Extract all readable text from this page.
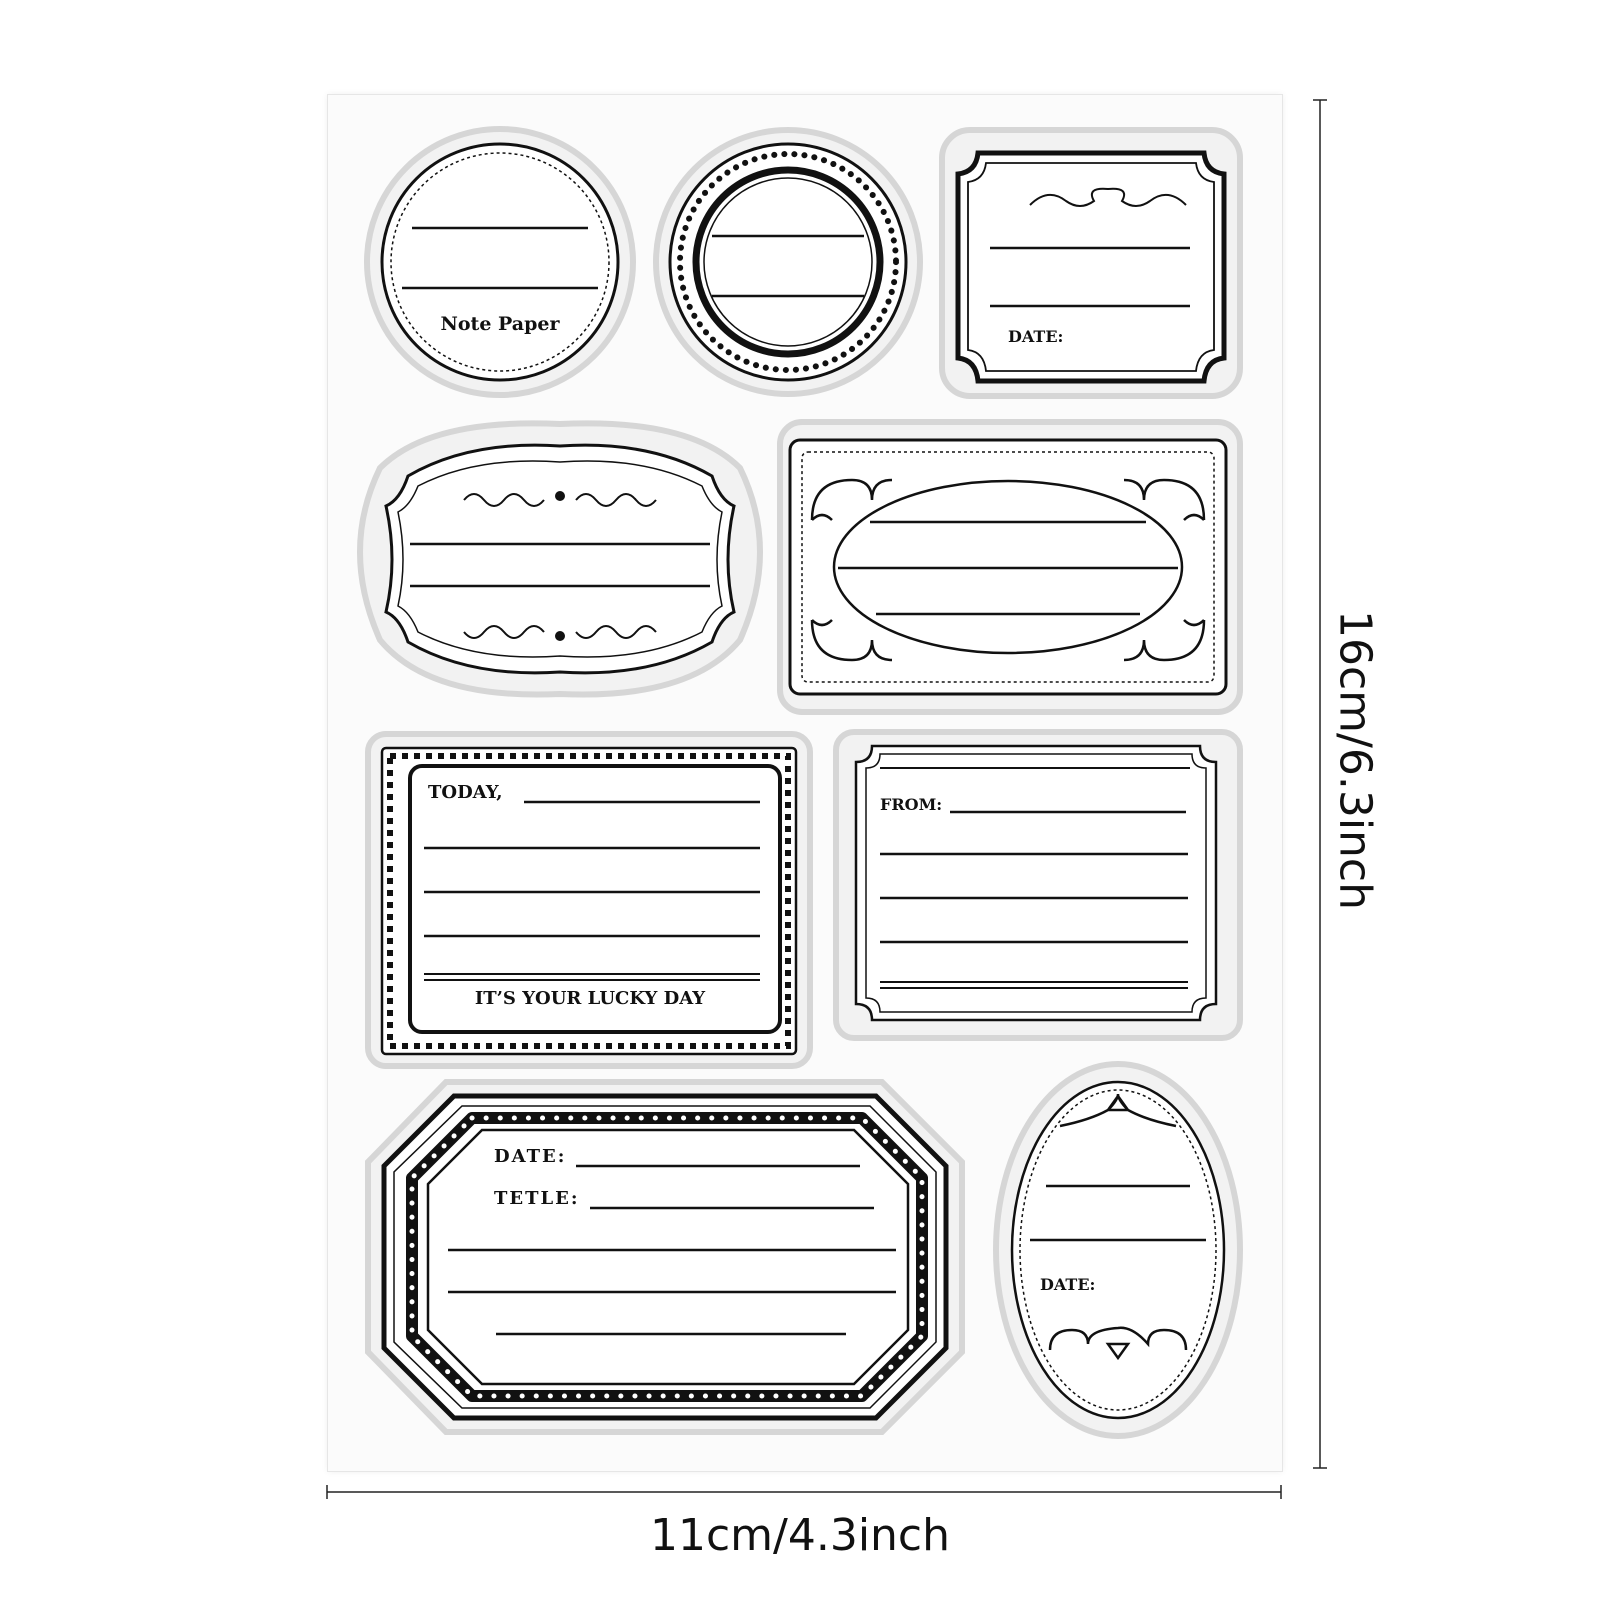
Note Paper
DATE:
TODAY,
IT’S YOUR LUCKY DAY
FROM:
DATE:
TETLE:
DATE:
11cm/4.3inch
16cm/6.3inch
